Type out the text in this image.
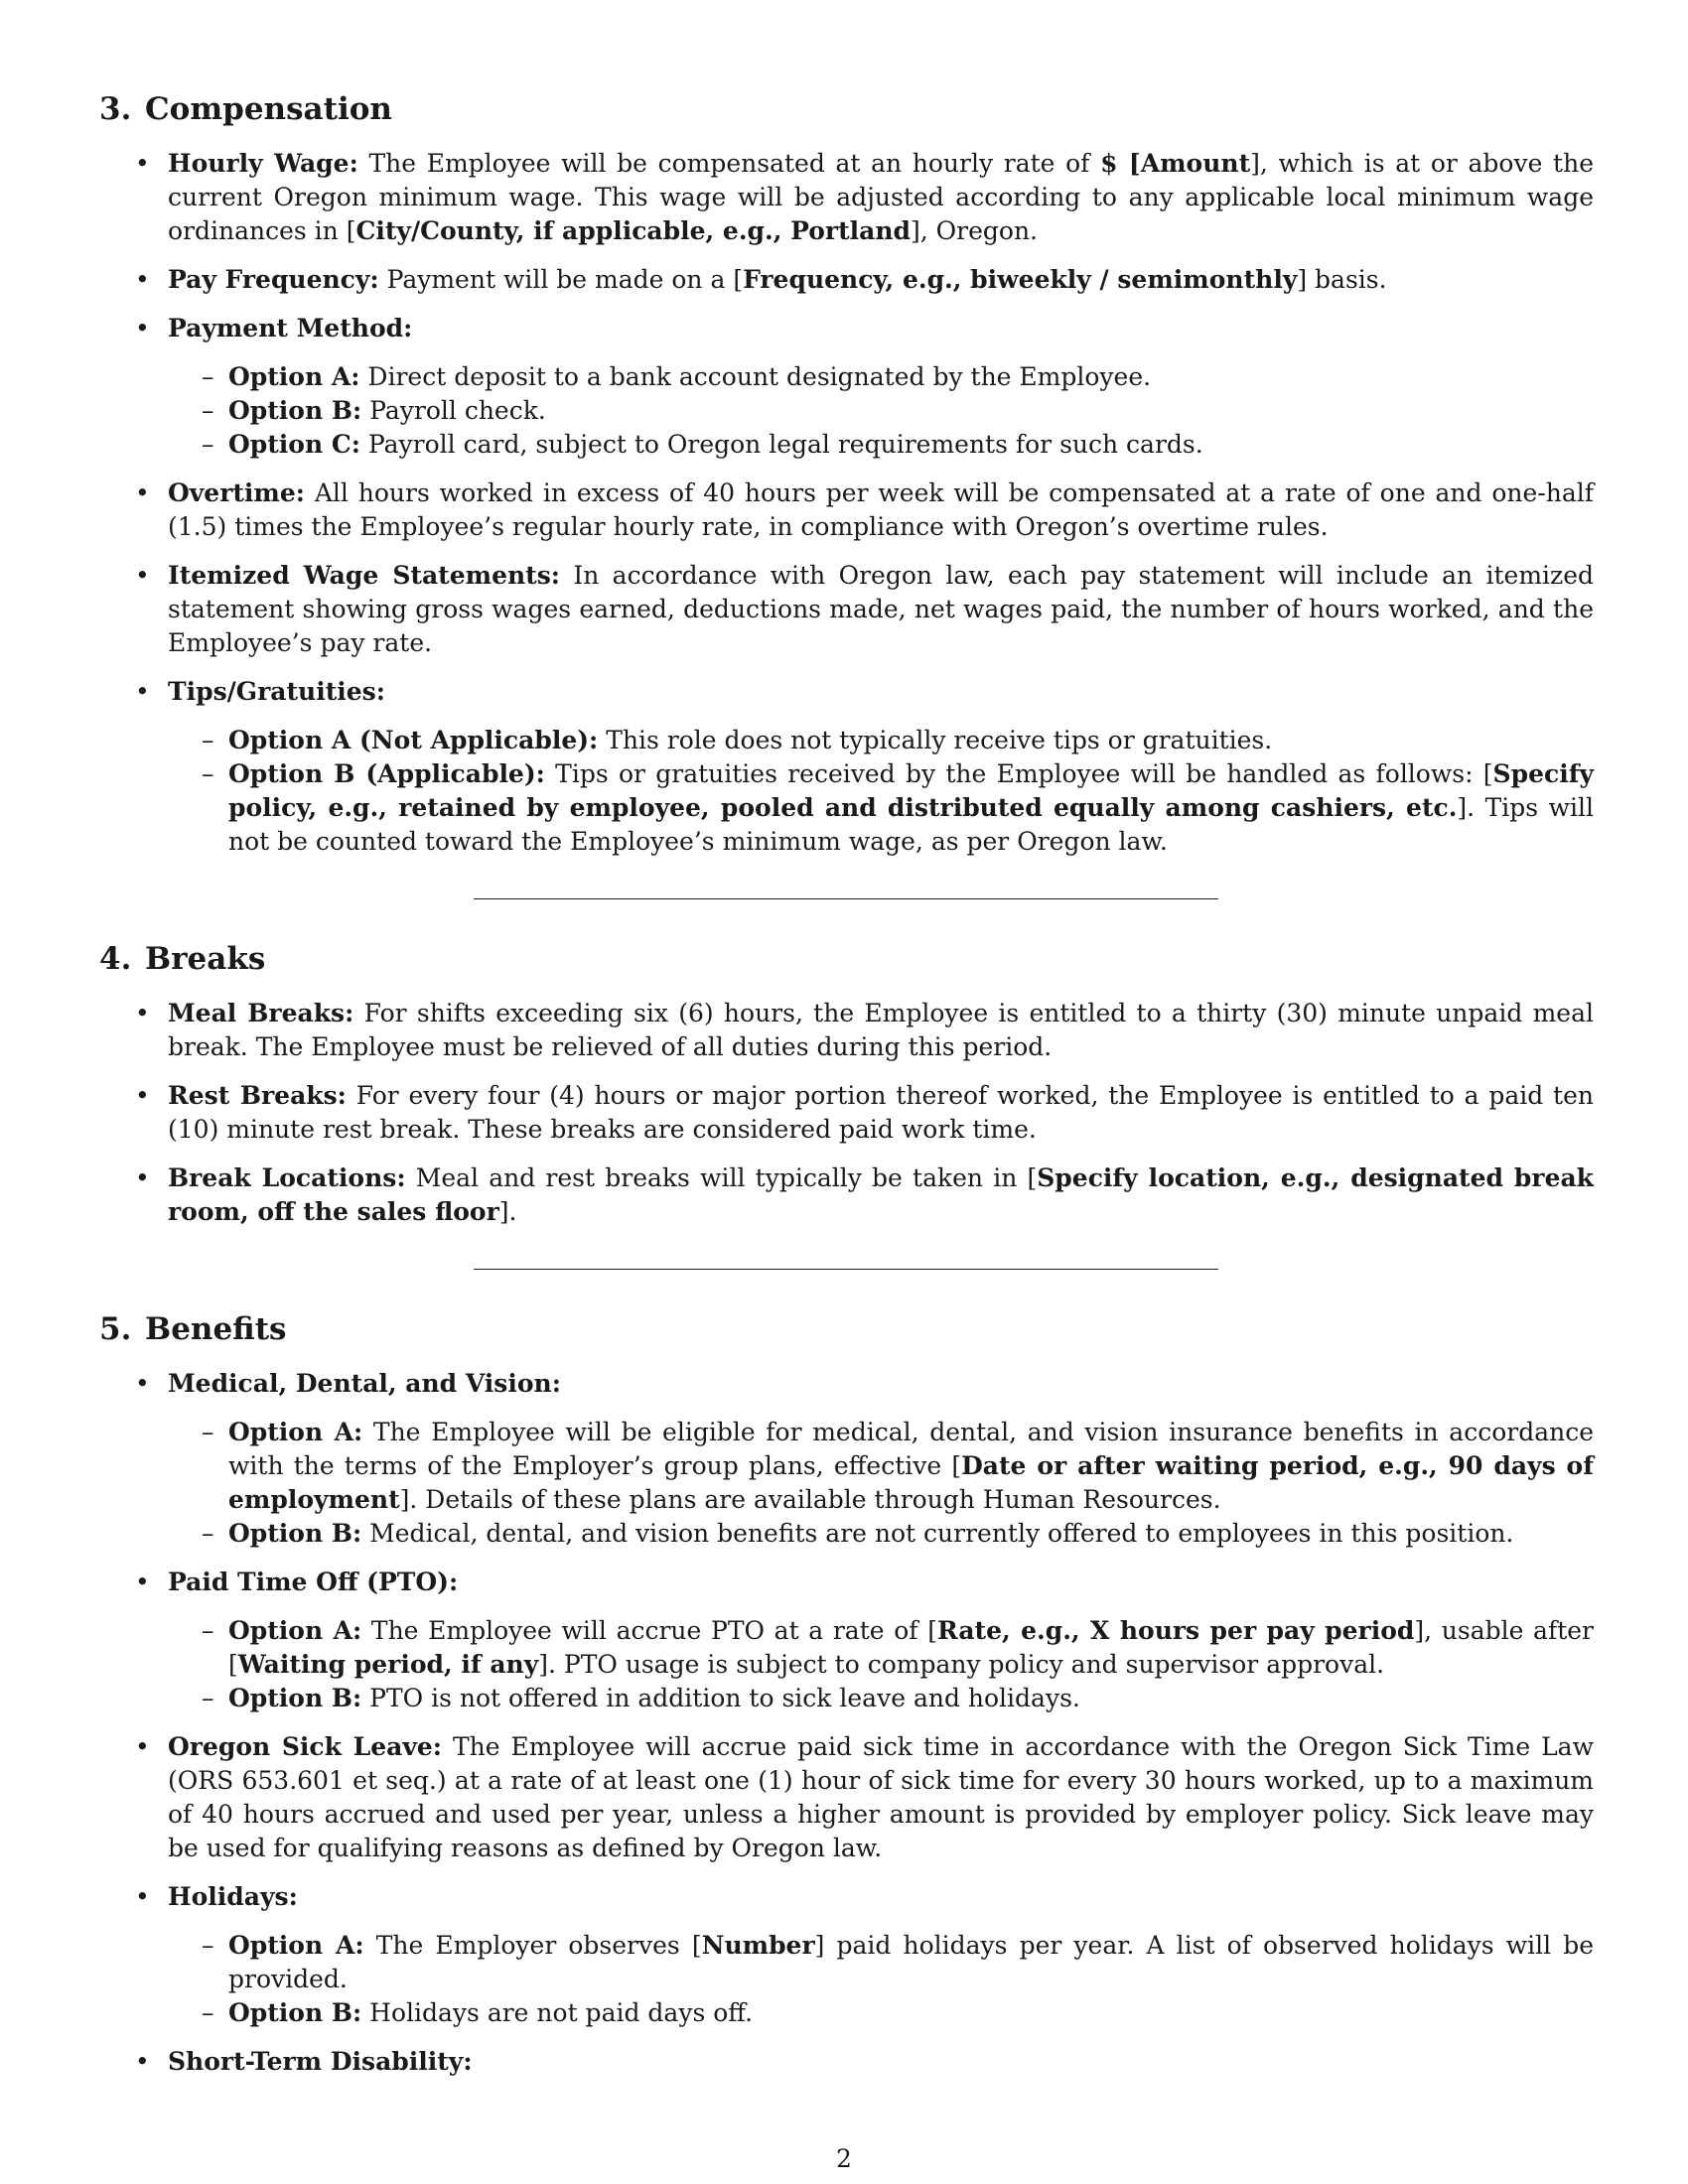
3. Compensation
• Hourly Wage: The Employee will be compensated at an hourly rate of $ [Amount], which is at or above the current Oregon minimum wage. This wage will be adjusted according to any applicable local minimum wage ordinances in [City/County, if applicable, e.g., Portland], Oregon.
• Pay Frequency: Payment will be made on a [Frequency, e.g., biweekly / semimonthly] basis.
• Payment Method:
– Option A: Direct deposit to a bank account designated by the Employee.
– Option B: Payroll check.
– Option C: Payroll card, subject to Oregon legal requirements for such cards.
• Overtime: All hours worked in excess of 40 hours per week will be compensated at a rate of one and one-half (1.5) times the Employee’s regular hourly rate, in compliance with Oregon’s overtime rules.
• Itemized Wage Statements: In accordance with Oregon law, each pay statement will include an itemized statement showing gross wages earned, deductions made, net wages paid, the number of hours worked, and the Employee’s pay rate.
• Tips/Gratuities:
– Option A (Not Applicable): This role does not typically receive tips or gratuities.
– Option B (Applicable): Tips or gratuities received by the Employee will be handled as follows: [Specify policy, e.g., retained by employee, pooled and distributed equally among cashiers, etc.]. Tips will not be counted toward the Employee’s minimum wage, as per Oregon law.
4. Breaks
• Meal Breaks: For shifts exceeding six (6) hours, the Employee is entitled to a thirty (30) minute unpaid meal break. The Employee must be relieved of all duties during this period.
• Rest Breaks: For every four (4) hours or major portion thereof worked, the Employee is entitled to a paid ten (10) minute rest break. These breaks are considered paid work time.
• Break Locations: Meal and rest breaks will typically be taken in [Specify location, e.g., designated break room, off the sales floor].
5. Benefits
• Medical, Dental, and Vision:
– Option A: The Employee will be eligible for medical, dental, and vision insurance benefits in accordance with the terms of the Employer’s group plans, effective [Date or after waiting period, e.g., 90 days of employment]. Details of these plans are available through Human Resources.
– Option B: Medical, dental, and vision benefits are not currently offered to employees in this position.
• Paid Time Off (PTO):
– Option A: The Employee will accrue PTO at a rate of [Rate, e.g., X hours per pay period], usable after [Waiting period, if any]. PTO usage is subject to company policy and supervisor approval.
– Option B: PTO is not offered in addition to sick leave and holidays.
• Oregon Sick Leave: The Employee will accrue paid sick time in accordance with the Oregon Sick Time Law (ORS 653.601 et seq.) at a rate of at least one (1) hour of sick time for every 30 hours worked, up to a maximum of 40 hours accrued and used per year, unless a higher amount is provided by employer policy. Sick leave may be used for qualifying reasons as defined by Oregon law.
• Holidays:
– Option A: The Employer observes [Number] paid holidays per year. A list of observed holidays will be provided.
– Option B: Holidays are not paid days off.
• Short-Term Disability:
2
